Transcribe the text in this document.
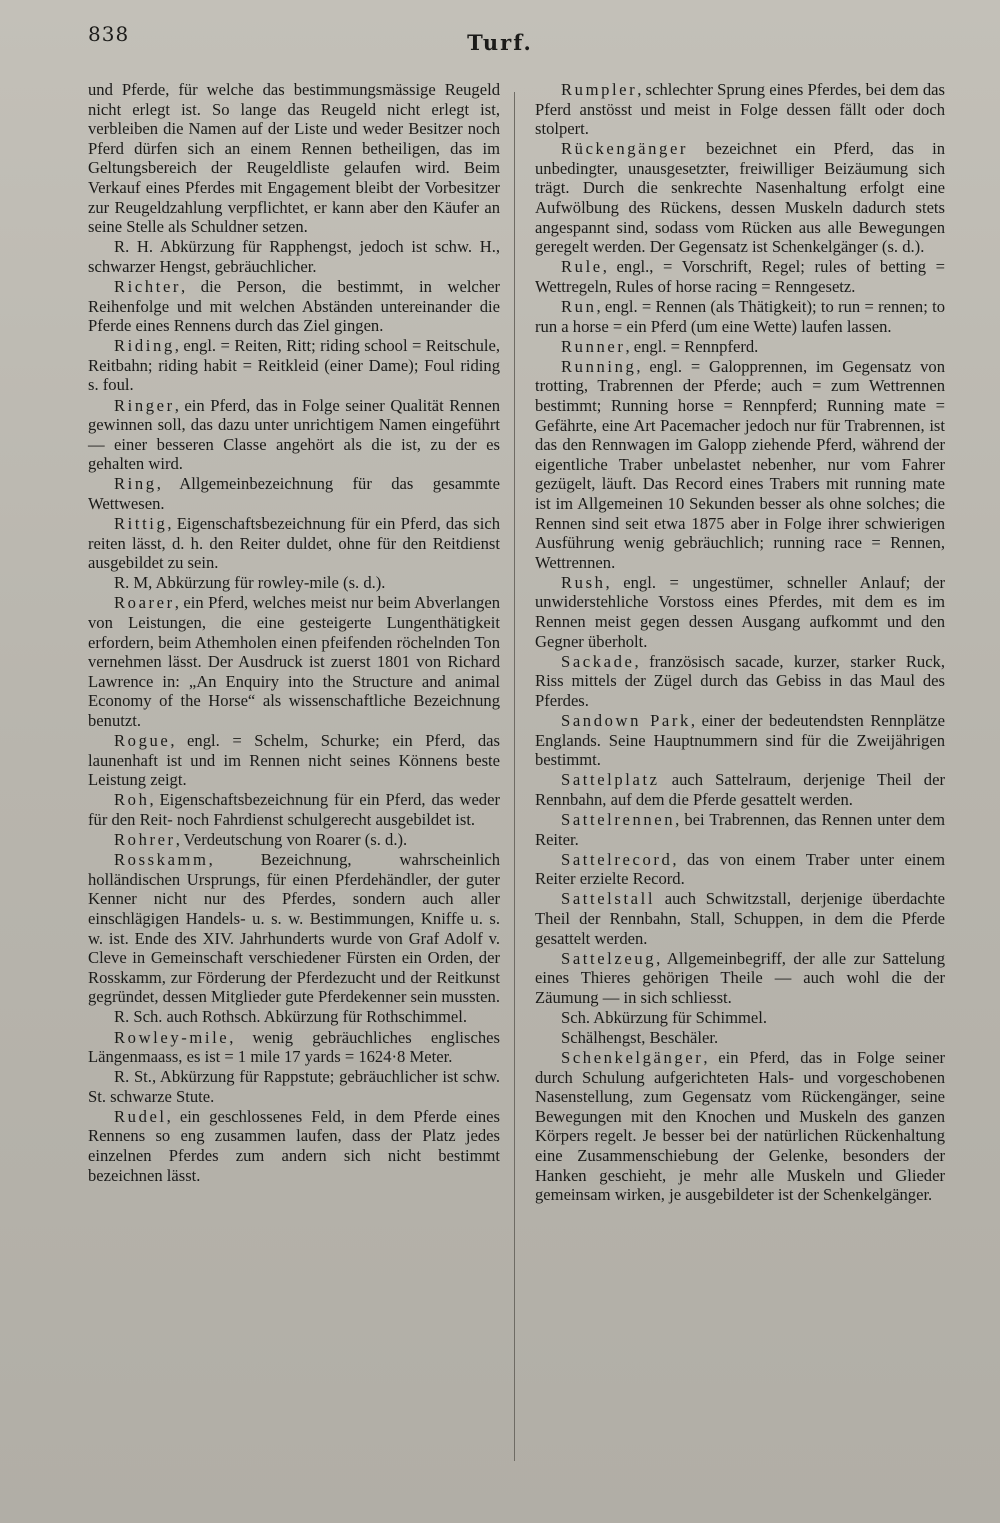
838	Turf.

und Pferde, für welche das bestimmungsmässige Reugeld nicht erlegt ist. So lange das Reugeld nicht erlegt ist, verbleiben die Namen auf der Liste und weder Besitzer noch Pferd dürfen sich an einem Rennen betheiligen, das im Geltungsbereich der Reugeldliste gelaufen wird. Beim Verkauf eines Pferdes mit Engagement bleibt der Vorbesitzer zur Reugeldzahlung verpflichtet, er kann aber den Käufer an seine Stelle als Schuldner setzen.

R. H. Abkürzung für Rapphengst, jedoch ist schw. H., schwarzer Hengst, gebräuchlicher.

Richter, die Person, die bestimmt, in welcher Reihenfolge und mit welchen Abständen untereinander die Pferde eines Rennens durch das Ziel gingen.

Riding, engl. = Reiten, Ritt; riding school = Reitschule, Reitbahn; riding habit = Reitkleid (einer Dame); Foul riding s. foul.

Ringer, ein Pferd, das in Folge seiner Qualität Rennen gewinnen soll, das dazu unter unrichtigem Namen eingeführt — einer besseren Classe angehört als die ist, zu der es gehalten wird.

Ring, Allgemeinbezeichnung für das gesammte Wettwesen.

Rittig, Eigenschaftsbezeichnung für ein Pferd, das sich reiten lässt, d. h. den Reiter duldet, ohne für den Reitdienst ausgebildet zu sein.

R. M, Abkürzung für rowley-mile (s. d.).

Roarer, ein Pferd, welches meist nur beim Abverlangen von Leistungen, die eine gesteigerte Lungenthätigkeit erfordern, beim Athemholen einen pfeifenden röchelnden Ton vernehmen lässt. Der Ausdruck ist zuerst 1801 von Richard Lawrence in: „An Enquiry into the Structure and animal Economy of the Horse“ als wissenschaftliche Bezeichnung benutzt.

Rogue, engl. = Schelm, Schurke; ein Pferd, das launenhaft ist und im Rennen nicht seines Könnens beste Leistung zeigt.

Roh, Eigenschaftsbezeichnung für ein Pferd, das weder für den Reit- noch Fahrdienst schulgerecht ausgebildet ist.

Rohrer, Verdeutschung von Roarer (s. d.).

Rosskamm, Bezeichnung, wahrscheinlich holländischen Ursprungs, für einen Pferdehändler, der guter Kenner nicht nur des Pferdes, sondern auch aller einschlägigen Handels- u. s. w. Bestimmungen, Kniffe u. s. w. ist. Ende des XIV. Jahrhunderts wurde von Graf Adolf v. Cleve in Gemeinschaft verschiedener Fürsten ein Orden, der Rosskamm, zur Förderung der Pferdezucht und der Reitkunst gegründet, dessen Mitglieder gute Pferdekenner sein mussten.

R. Sch. auch Rothsch. Abkürzung für Rothschimmel.

Rowley-mile, wenig gebräuchliches englisches Längenmaass, es ist = 1 mile 17 yards = 1624·8 Meter.

R. St., Abkürzung für Rappstute; gebräuchlicher ist schw. St. schwarze Stute.

Rudel, ein geschlossenes Feld, in dem Pferde eines Rennens so eng zusammen laufen, dass der Platz jedes einzelnen Pferdes zum andern sich nicht bestimmt bezeichnen lässt.

Rumpler, schlechter Sprung eines Pferdes, bei dem das Pferd anstösst und meist in Folge dessen fällt oder doch stolpert.

Rückengänger bezeichnet ein Pferd, das in unbedingter, unausgesetzter, freiwilliger Beizäumung sich trägt. Durch die senkrechte Nasenhaltung erfolgt eine Aufwölbung des Rückens, dessen Muskeln dadurch stets angespannt sind, sodass vom Rücken aus alle Bewegungen geregelt werden. Der Gegensatz ist Schenkelgänger (s. d.).

Rule, engl., = Vorschrift, Regel; rules of betting = Wettregeln, Rules of horse racing = Renngesetz.

Run, engl. = Rennen (als Thätigkeit); to run = rennen; to run a horse = ein Pferd (um eine Wette) laufen lassen.

Runner, engl. = Rennpferd.

Running, engl. = Galopprennen, im Gegensatz von trotting, Trabrennen der Pferde; auch = zum Wettrennen bestimmt; Running horse = Rennpferd; Running mate = Gefährte, eine Art Pacemacher jedoch nur für Trabrennen, ist das den Rennwagen im Galopp ziehende Pferd, während der eigentliche Traber unbelastet nebenher, nur vom Fahrer gezügelt, läuft. Das Record eines Trabers mit running mate ist im Allgemeinen 10 Sekunden besser als ohne solches; die Rennen sind seit etwa 1875 aber in Folge ihrer schwierigen Ausführung wenig gebräuchlich; running race = Rennen, Wettrennen.

Rush, engl. = ungestümer, schneller Anlauf; der unwiderstehliche Vorstoss eines Pferdes, mit dem es im Rennen meist gegen dessen Ausgang aufkommt und den Gegner überholt.

Sackade, französisch sacade, kurzer, starker Ruck, Riss mittels der Zügel durch das Gebiss in das Maul des Pferdes.

Sandown Park, einer der bedeutendsten Rennplätze Englands. Seine Hauptnummern sind für die Zweijährigen bestimmt.

Sattelplatz auch Sattelraum, derjenige Theil der Rennbahn, auf dem die Pferde gesattelt werden.

Sattelrennen, bei Trabrennen, das Rennen unter dem Reiter.

Sattelrecord, das von einem Traber unter einem Reiter erzielte Record.

Sattelstall auch Schwitzstall, derjenige überdachte Theil der Rennbahn, Stall, Schuppen, in dem die Pferde gesattelt werden.

Sattelzeug, Allgemeinbegriff, der alle zur Sattelung eines Thieres gehörigen Theile — auch wohl die der Zäumung — in sich schliesst.

Sch. Abkürzung für Schimmel.

Schälhengst, Beschäler.

Schenkelgänger, ein Pferd, das in Folge seiner durch Schulung aufgerichteten Hals- und vorgeschobenen Nasenstellung, zum Gegensatz vom Rückengänger, seine Bewegungen mit den Knochen und Muskeln des ganzen Körpers regelt. Je besser bei der natürlichen Rückenhaltung eine Zusammenschiebung der Gelenke, besonders der Hanken geschieht, je mehr alle Muskeln und Glieder gemeinsam wirken, je ausgebildeter ist der Schenkelgänger.
